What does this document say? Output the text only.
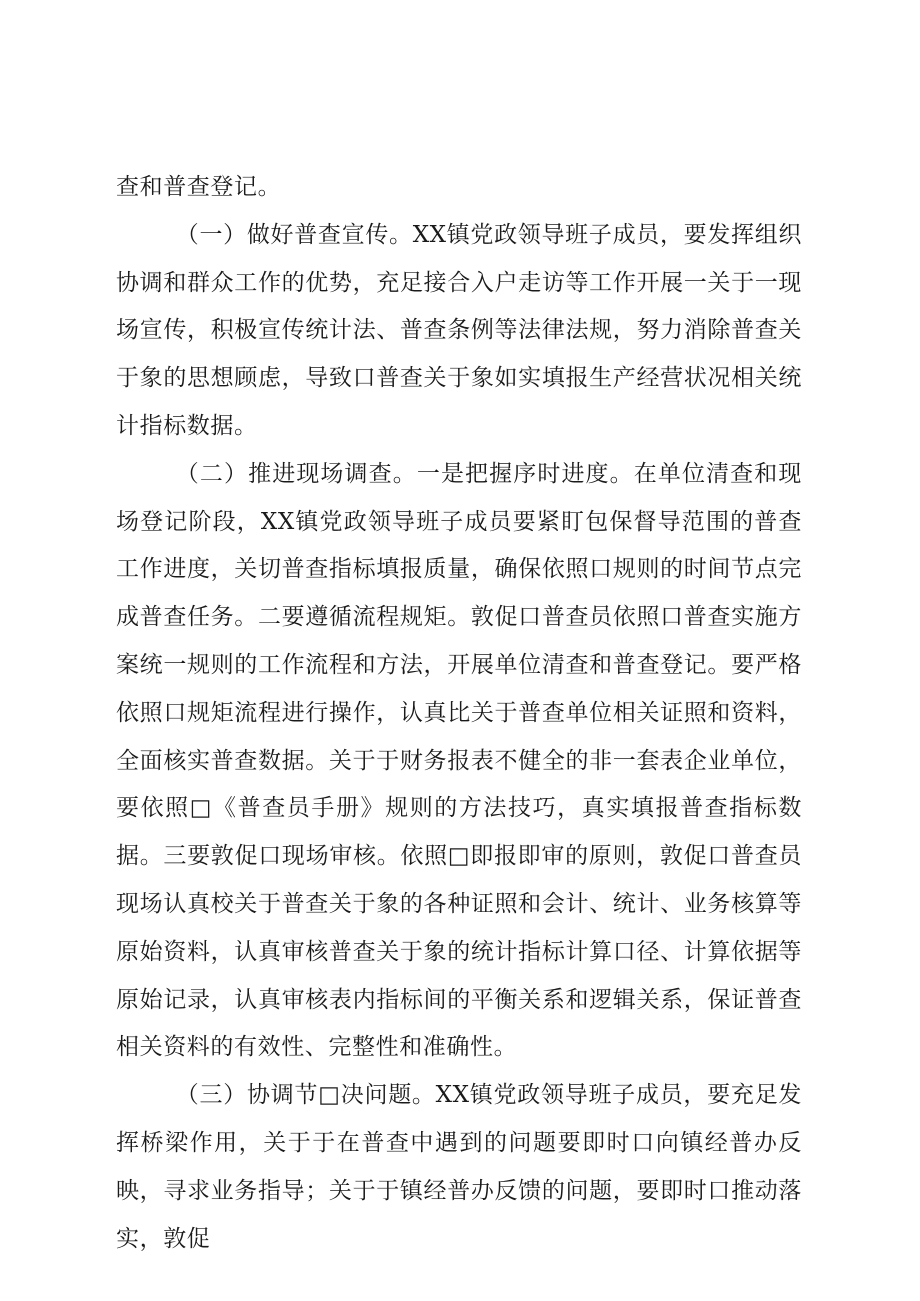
查和普查登记。

（一）做好普查宣传。XX镇党政领导班子成员，要发挥组织协调和群众工作的优势，充足接合入户走访等工作开展一关于一现场宣传，积极宣传统计法、普查条例等法律法规，努力消除普查关于象的思想顾虑，导致口普查关于象如实填报生产经营状况相关统计指标数据。

（二）推进现场调查。一是把握序时进度。在单位清查和现场登记阶段，XX镇党政领导班子成员要紧盯包保督导范围的普查工作进度，关切普查指标填报质量，确保依照口规则的时间节点完成普查任务。二要遵循流程规矩。敦促口普查员依照口普查实施方案统一规则的工作流程和方法，开展单位清查和普查登记。要严格依照口规矩流程进行操作，认真比关于普查单位相关证照和资料，全面核实普查数据。关于于财务报表不健全的非一套表企业单位，要依照□《普查员手册》规则的方法技巧，真实填报普查指标数据。三要敦促口现场审核。依照□即报即审的原则，敦促口普查员现场认真校关于普查关于象的各种证照和会计、统计、业务核算等原始资料，认真审核普查关于象的统计指标计算口径、计算依据等原始记录，认真审核表内指标间的平衡关系和逻辑关系，保证普查相关资料的有效性、完整性和准确性。

（三）协调节□决问题。XX镇党政领导班子成员，要充足发挥桥梁作用，关于于在普查中遇到的问题要即时口向镇经普办反映，寻求业务指导；关于于镇经普办反馈的问题，要即时口推动落实，敦促
